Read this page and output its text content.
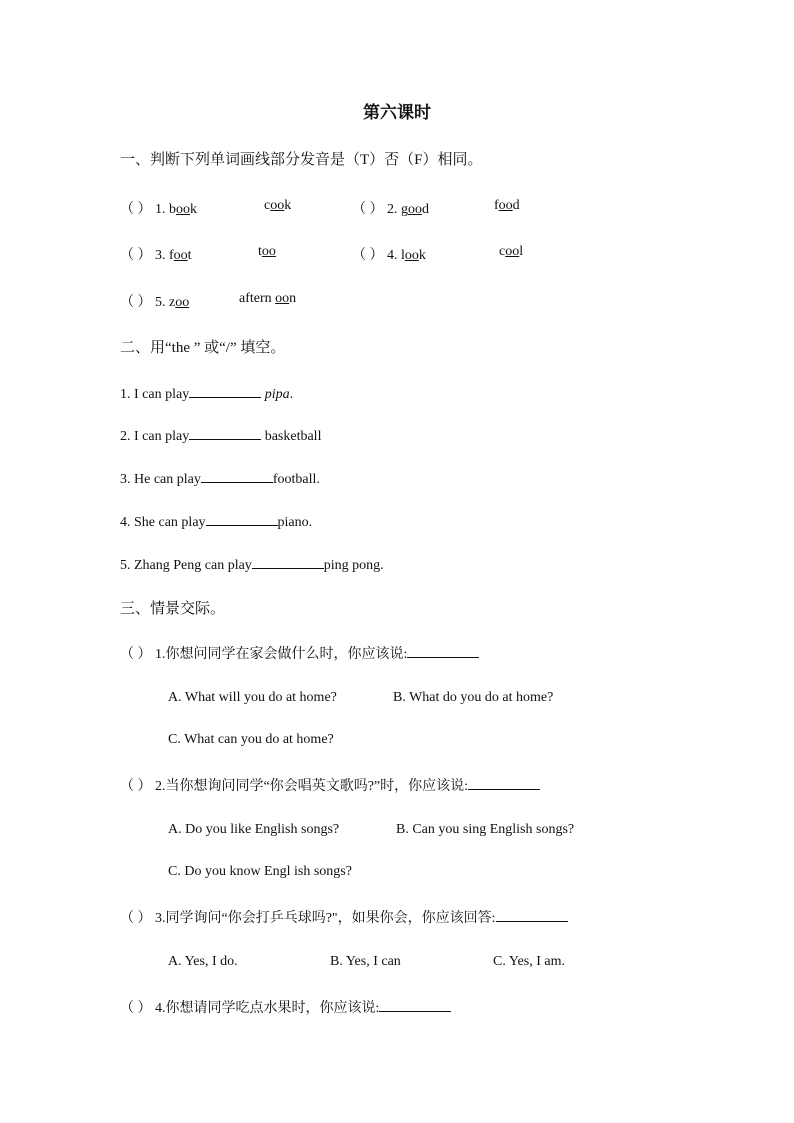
第六课时
一、判断下列单词画线部分发音是（T）否（F）相同。
（ ） 1. book	cook	（ ） 2. good	food
（ ） 3. foot	too	（ ） 4. look	cool
（ ） 5. zoo	aftern oon
二、用“the ” 或“/” 填空。
1. I can play	pipa.
2. I can play	basketball
3. He can play	football.
4. She can play	piano.
5. Zhang Peng can play	ping pong.
三、情景交际。
（ ） 1.你想问同学在家会做什么时，你应该说:
A. What will you do at home?	B. What do you do at home?
C. What can you do at home?
（ ） 2.当你想询问同学“你会唱英文歌吗?”时，你应该说:
A. Do you like English songs?	B. Can you sing English songs?
C. Do you know Engl ish songs?
（ ） 3.同学询问“你会打乒乓球吗?"，如果你会，你应该回答:
A. Yes, I do.	B. Yes, I can	C. Yes, I am.
（ ） 4.你想请同学吃点水果时，你应该说:
